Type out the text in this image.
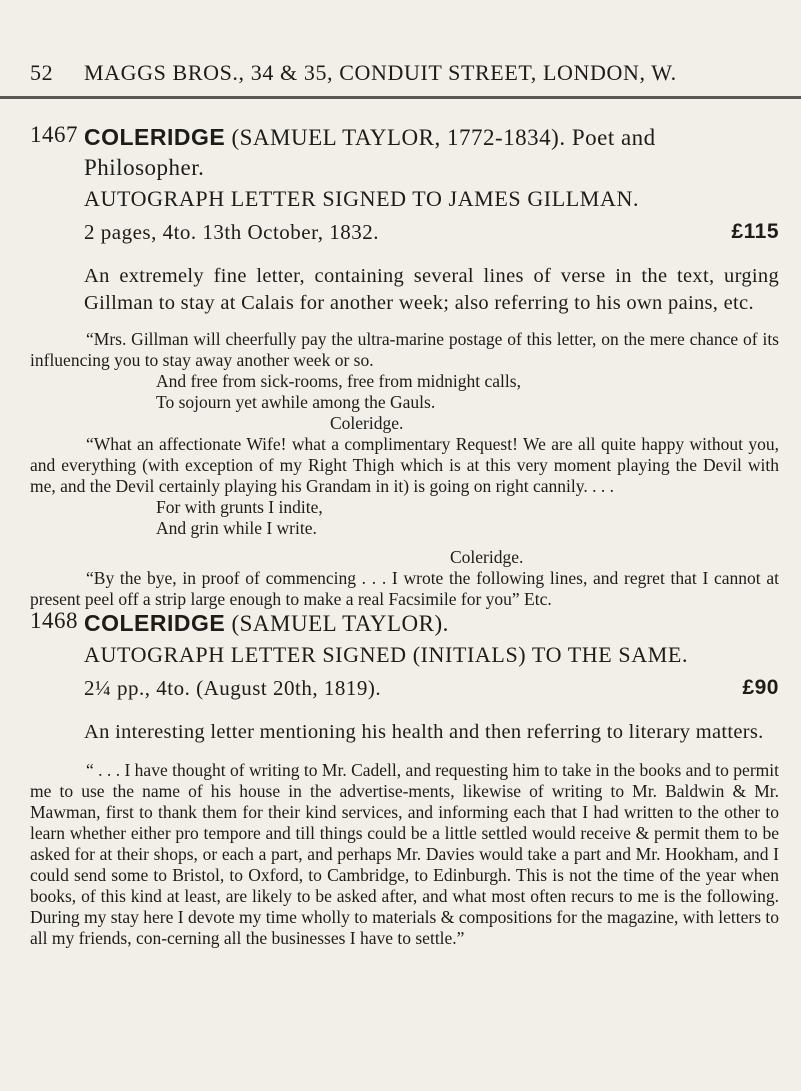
52 MAGGS BROS., 34 & 35, CONDUIT STREET, LONDON, W.
1467 COLERIDGE (SAMUEL TAYLOR, 1772-1834). Poet and Philosopher.
AUTOGRAPH LETTER SIGNED TO JAMES GILLMAN.
2 pages, 4to. 13th October, 1832.	£115
An extremely fine letter, containing several lines of verse in the text, urging Gillman to stay at Calais for another week; also referring to his own pains, etc.

“Mrs. Gillman will cheerfully pay the ultra-marine postage of this letter, on the mere chance of its influencing you to stay away another week or so.

And free from sick-rooms, free from midnight calls,
To sojourn yet awhile among the Gauls.
Coleridge.

“What an affectionate Wife! what a complimentary Request! We are all quite happy without you, and everything (with exception of my Right Thigh which is at this very moment playing the Devil with me, and the Devil certainly playing his Grandam in it) is going on right cannily. . . .

For with grunts I indite,
And grin while I write.
Coleridge.

“By the bye, in proof of commencing . . . I wrote the following lines, and regret that I cannot at present peel off a strip large enough to make a real Facsimile for you” Etc.

1468 COLERIDGE (SAMUEL TAYLOR).
AUTOGRAPH LETTER SIGNED (INITIALS) TO THE SAME.
2¼ pp., 4to. (August 20th, 1819).	£90
An interesting letter mentioning his health and then referring to literary matters.

“ . . . I have thought of writing to Mr. Cadell, and requesting him to take in the books and to permit me to use the name of his house in the advertise-ments, likewise of writing to Mr. Baldwin & Mr. Mawman, first to thank them for their kind services, and informing each that I had written to the other to learn whether either pro tempore and till things could be a little settled would receive & permit them to be asked for at their shops, or each a part, and perhaps Mr. Davies would take a part and Mr. Hookham, and I could send some to Bristol, to Oxford, to Cambridge, to Edinburgh. This is not the time of the year when books, of this kind at least, are likely to be asked after, and what most often recurs to me is the following. During my stay here I devote my time wholly to materials & compositions for the magazine, with letters to all my friends, con-cerning all the businesses I have to settle.”
